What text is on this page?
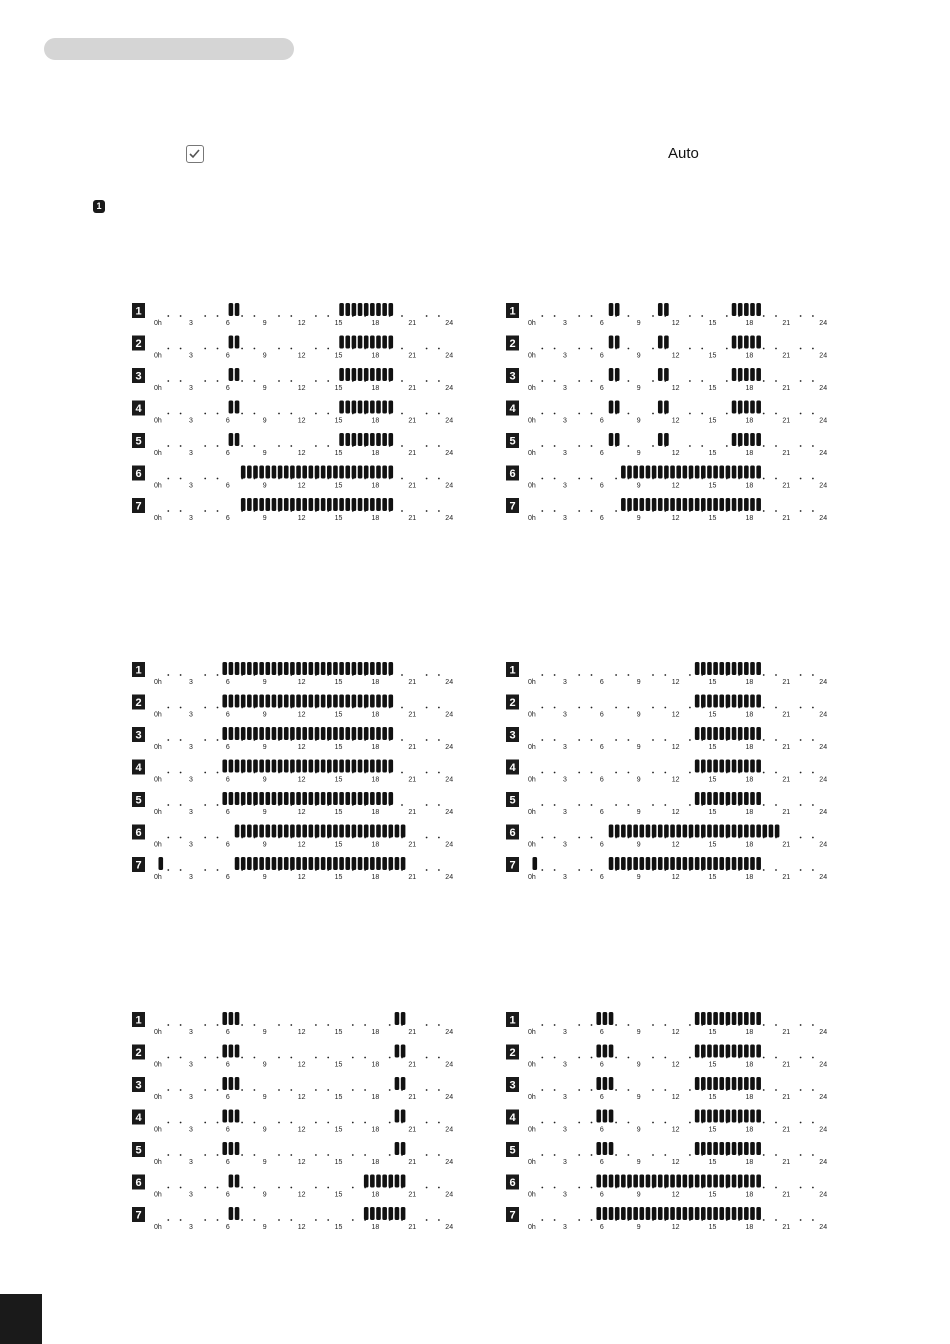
Auto
1
1
0h	3	6	9	12	15	18	21	24
2
0h	3	6	9	12	15	18	21	24
3
0h	3	6	9	12	15	18	21	24
4
0h	3	6	9	12	15	18	21	24
5
0h	3	6	9	12	15	18	21	24
6
0h	3	6	9	12	15	18	21	24
7
0h	3	6	9	12	15	18	21	24
1
0h	3	6	9	12	15	18	21	24
2
0h	3	6	9	12	15	18	21	24
3
0h	3	6	9	12	15	18	21	24
4
0h	3	6	9	12	15	18	21	24
5
0h	3	6	9	12	15	18	21	24
6
0h	3	6	9	12	15	18	21	24
7
0h	3	6	9	12	15	18	21	24
1
0h	3	6	9	12	15	18	21	24
2
0h	3	6	9	12	15	18	21	24
3
0h	3	6	9	12	15	18	21	24
4
0h	3	6	9	12	15	18	21	24
5
0h	3	6	9	12	15	18	21	24
6
0h	3	6	9	12	15	18	21	24
7
0h	3	6	9	12	15	18	21	24
1
0h	3	6	9	12	15	18	21	24
2
0h	3	6	9	12	15	18	21	24
3
0h	3	6	9	12	15	18	21	24
4
0h	3	6	9	12	15	18	21	24
5
0h	3	6	9	12	15	18	21	24
6
0h	3	6	9	12	15	18	21	24
7
0h	3	6	9	12	15	18	21	24
1
0h	3	6	9	12	15	18	21	24
2
0h	3	6	9	12	15	18	21	24
3
0h	3	6	9	12	15	18	21	24
4
0h	3	6	9	12	15	18	21	24
5
0h	3	6	9	12	15	18	21	24
6
0h	3	6	9	12	15	18	21	24
7
0h	3	6	9	12	15	18	21	24
1
0h	3	6	9	12	15	18	21	24
2
0h	3	6	9	12	15	18	21	24
3
0h	3	6	9	12	15	18	21	24
4
0h	3	6	9	12	15	18	21	24
5
0h	3	6	9	12	15	18	21	24
6
0h	3	6	9	12	15	18	21	24
7
0h	3	6	9	12	15	18	21	24
